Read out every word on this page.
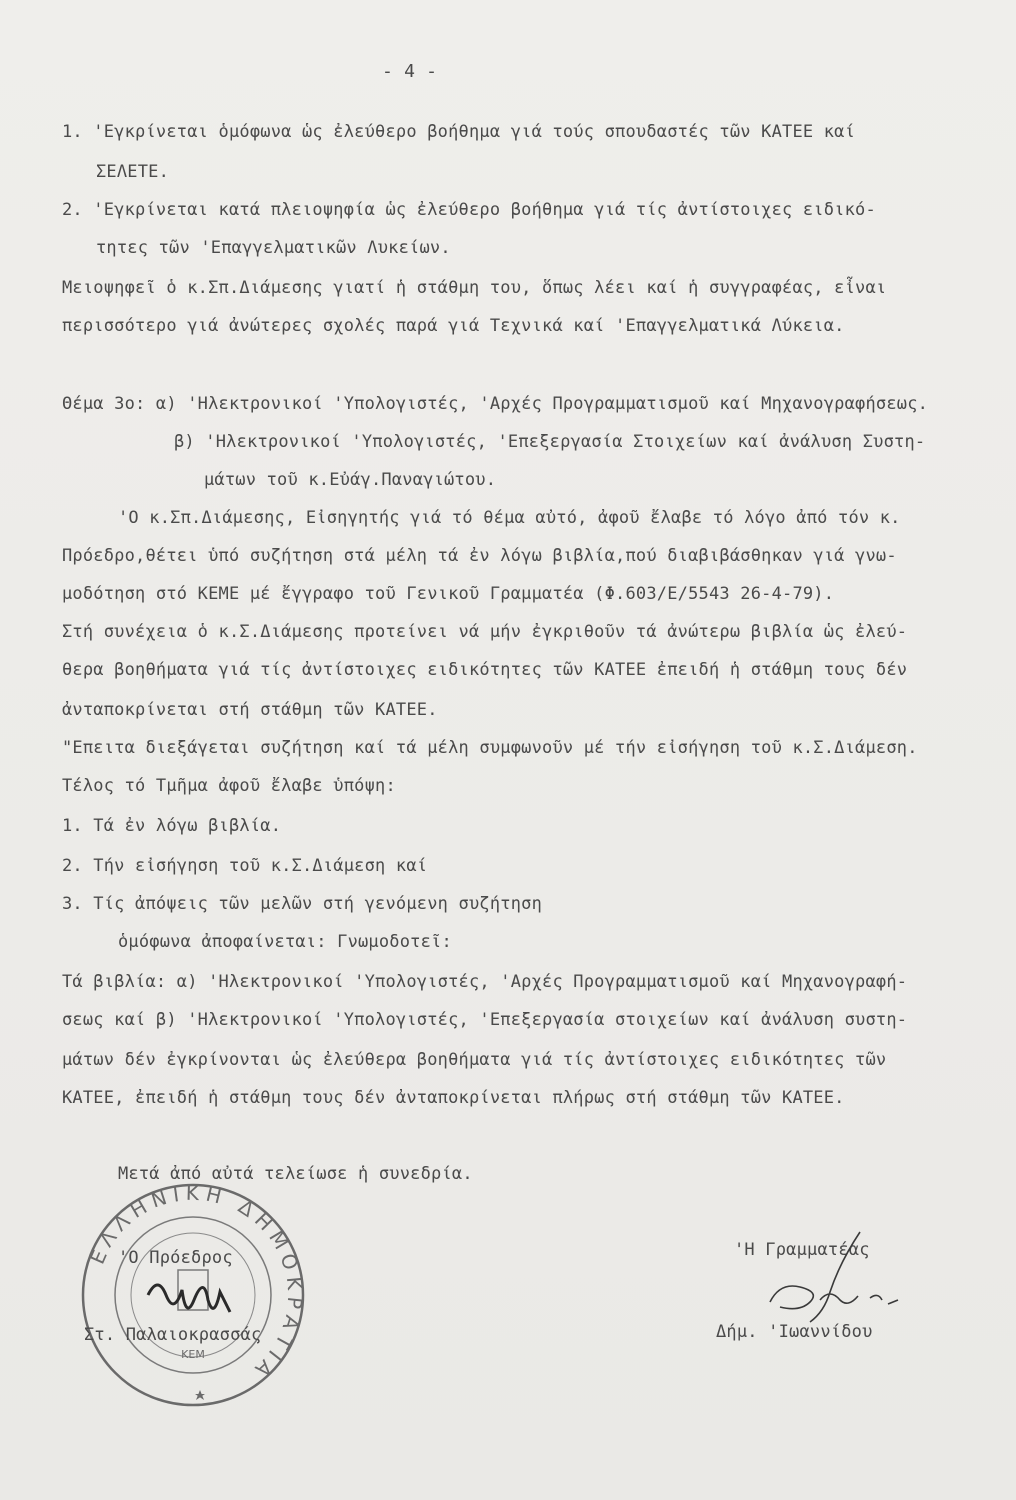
- 4 -
1. 'Εγκρίνεται ὁμόφωνα ὡς ἐλεύθερο βοήθημα γιά τούς σπουδαστές τῶν ΚΑΤΕΕ καί
ΣΕΛΕΤΕ.
2. 'Εγκρίνεται κατά πλειοψηφία ὡς ἐλεύθερο βοήθημα γιά τίς ἀντίστοιχες ειδικό-
τητες τῶν 'Επαγγελματικῶν Λυκείων.
Μειοψηφεῖ ὁ κ.Σπ.Διάμεσης γιατί ἡ στάθμη του, ὅπως λέει καί ἡ συγγραφέας, εἶναι
περισσότερο γιά ἀνώτερες σχολές παρά γιά Τεχνικά καί 'Επαγγελματικά Λύκεια.
Θέμα 3ο: α) 'Ηλεκτρονικοί 'Υπολογιστές, 'Αρχές Προγραμματισμοῦ καί Μηχανογραφήσεως.
β) 'Ηλεκτρονικοί 'Υπολογιστές, 'Επεξεργασία Στοιχείων καί ἀνάλυση Συστη-
μάτων τοῦ κ.Εὐάγ.Παναγιώτου.
'Ο κ.Σπ.Διάμεσης, Εἰσηγητής γιά τό θέμα αὐτό, ἀφοῦ ἔλαβε τό λόγο ἀπό τόν κ.
Πρόεδρο,θέτει ὑπό συζήτηση στά μέλη τά ἐν λόγω βιβλία,πού διαβιβάσθηκαν γιά γνω-
μοδότηση στό ΚΕΜΕ μέ ἔγγραφο τοῦ Γενικοῦ Γραμματέα (Φ.603/Ε/5543 26-4-79).
Στή συνέχεια ὁ κ.Σ.Διάμεσης προτείνει νά μήν ἐγκριθοῦν τά ἀνώτερω βιβλία ὡς ἐλεύ-
θερα βοηθήματα γιά τίς ἀντίστοιχες ειδικότητες τῶν ΚΑΤΕΕ ἐπειδή ἡ στάθμη τους δέν
ἀνταποκρίνεται στή στάθμη τῶν ΚΑΤΕΕ.
"Επειτα διεξάγεται συζήτηση καί τά μέλη συμφωνοῦν μέ τήν εἰσήγηση τοῦ κ.Σ.Διάμεση.
Τέλος τό Τμῆμα ἀφοῦ ἔλαβε ὑπόψη:
1. Τά ἐν λόγω βιβλία.
2. Τήν εἰσήγηση τοῦ κ.Σ.Διάμεση καί
3. Τίς ἀπόψεις τῶν μελῶν στή γενόμενη συζήτηση
ὁμόφωνα ἀποφαίνεται: Γνωμοδοτεῖ:
Τά βιβλία: α) 'Ηλεκτρονικοί 'Υπολογιστές, 'Αρχές Προγραμματισμοῦ καί Μηχανογραφή-
σεως καί β) 'Ηλεκτρονικοί 'Υπολογιστές, 'Επεξεργασία στοιχείων καί ἀνάλυση συστη-
μάτων δέν ἐγκρίνονται ὡς ἐλεύθερα βοηθήματα γιά τίς ἀντίστοιχες ειδικότητες τῶν
ΚΑΤΕΕ, ἐπειδή ἡ στάθμη τους δέν ἀνταποκρίνεται πλήρως στή στάθμη τῶν ΚΑΤΕΕ.
Μετά ἀπό αὐτά τελείωσε ἡ συνεδρία.
ΕΛΛΗΝΙΚΗ ΔΗΜΟΚΡΑΤΙΑ
ΚΕΜ
'Ο Πρόεδρος
Στ. Παλαιοκρασσάς
'Η Γραμματέας
Δήμ. 'Ιωαννίδου
